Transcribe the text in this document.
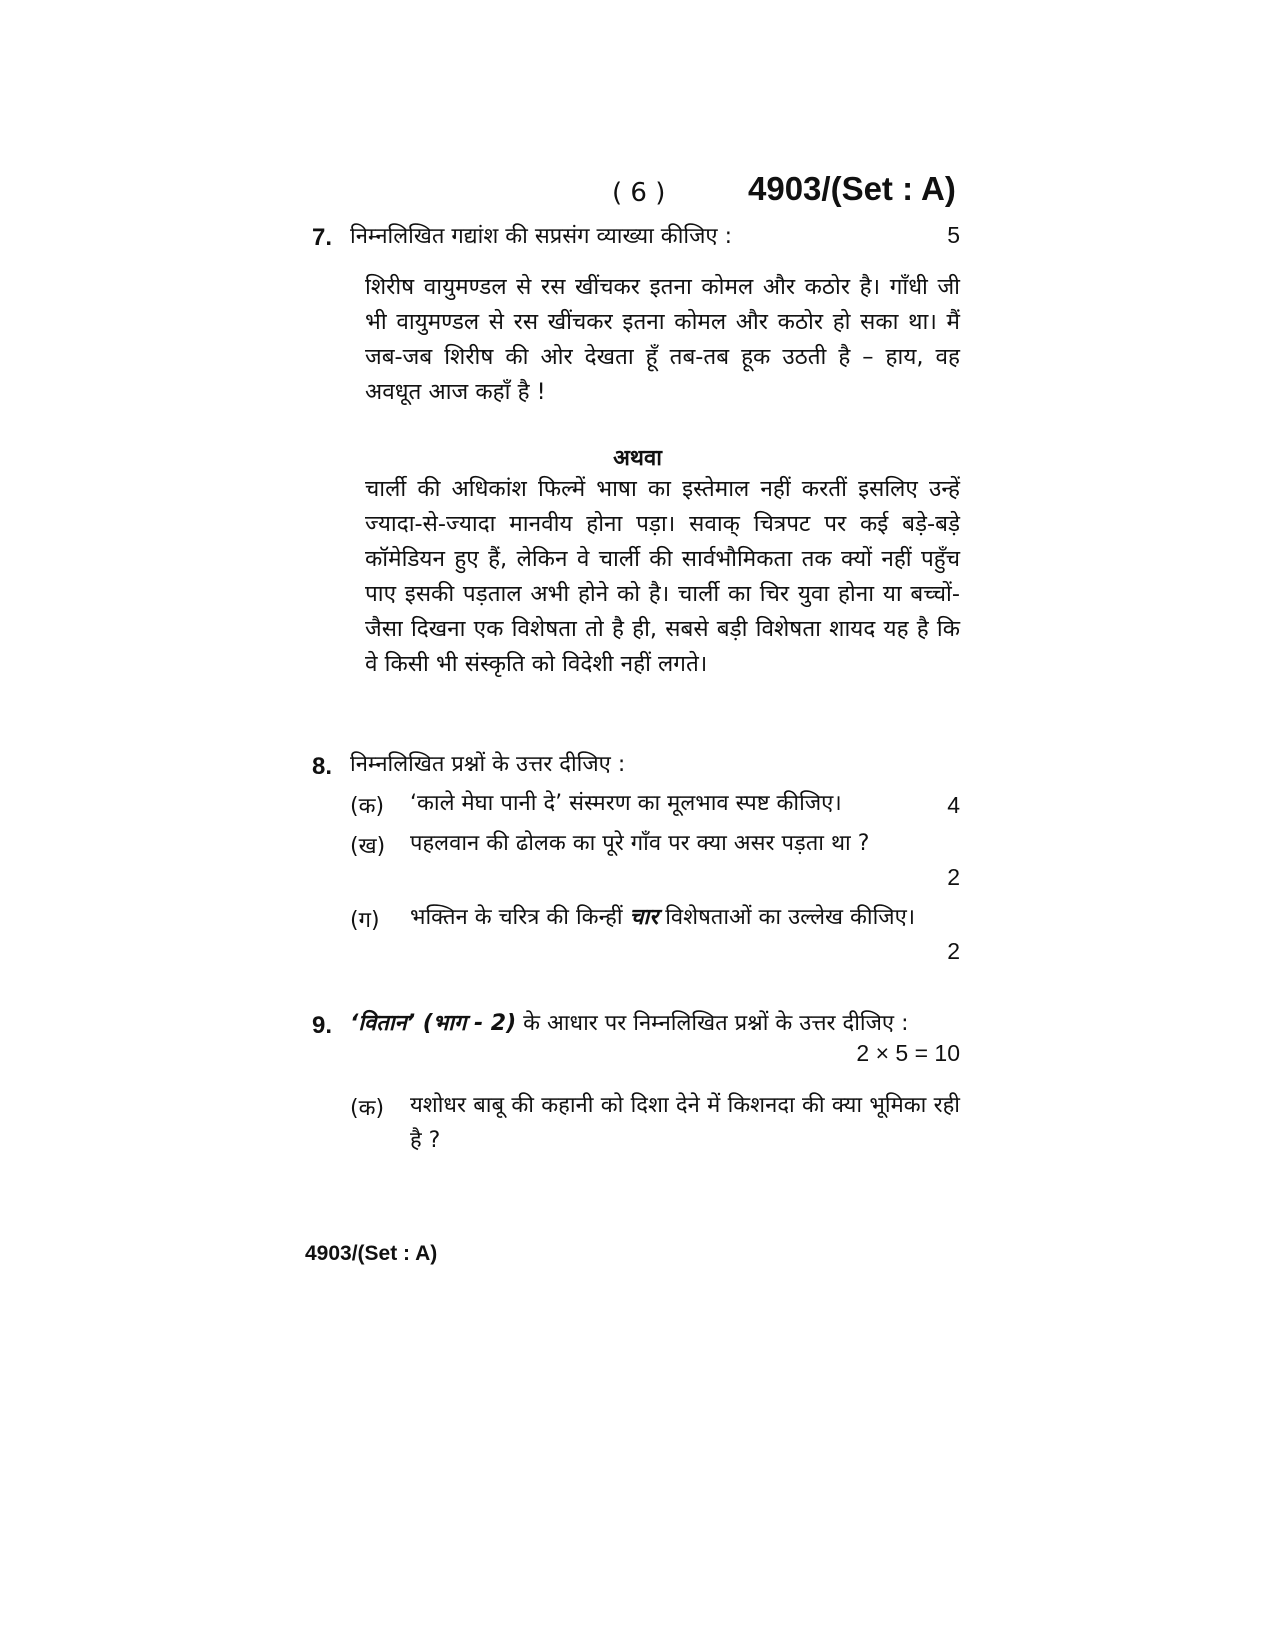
( 6 )	4903/(Set : A)
7. निम्नलिखित गद्यांश की सप्रसंग व्याख्या कीजिए :	5
शिरीष वायुमण्डल से रस खींचकर इतना कोमल और कठोर है। गाँधी जी भी वायुमण्डल से रस खींचकर इतना कोमल और कठोर हो सका था। मैं जब-जब शिरीष की ओर देखता हूँ तब-तब हूक उठती है – हाय, वह अवधूत आज कहाँ है !
अथवा
चार्ली की अधिकांश फिल्में भाषा का इस्तेमाल नहीं करतीं इसलिए उन्हें ज्यादा-से-ज्यादा मानवीय होना पड़ा। सवाक् चित्रपट पर कई बड़े-बड़े कॉमेडियन हुए हैं, लेकिन वे चार्ली की सार्वभौमिकता तक क्यों नहीं पहुँच पाए इसकी पड़ताल अभी होने को है। चार्ली का चिर युवा होना या बच्चों-जैसा दिखना एक विशेषता तो है ही, सबसे बड़ी विशेषता शायद यह है कि वे किसी भी संस्कृति को विदेशी नहीं लगते।
8. निम्नलिखित प्रश्नों के उत्तर दीजिए :
(क) ‘काले मेघा पानी दे’ संस्मरण का मूलभाव स्पष्ट कीजिए।	4
(ख) पहलवान की ढोलक का पूरे गाँव पर क्या असर पड़ता था ?
2
(ग) भक्तिन के चरित्र की किन्हीं चार विशेषताओं का उल्लेख कीजिए।
2
9. ‘वितान’ (भाग - 2) के आधार पर निम्नलिखित प्रश्नों के उत्तर दीजिए :
2 × 5 = 10
(क) यशोधर बाबू की कहानी को दिशा देने में किशनदा की क्या भूमिका रही है ?
4903/(Set : A)
